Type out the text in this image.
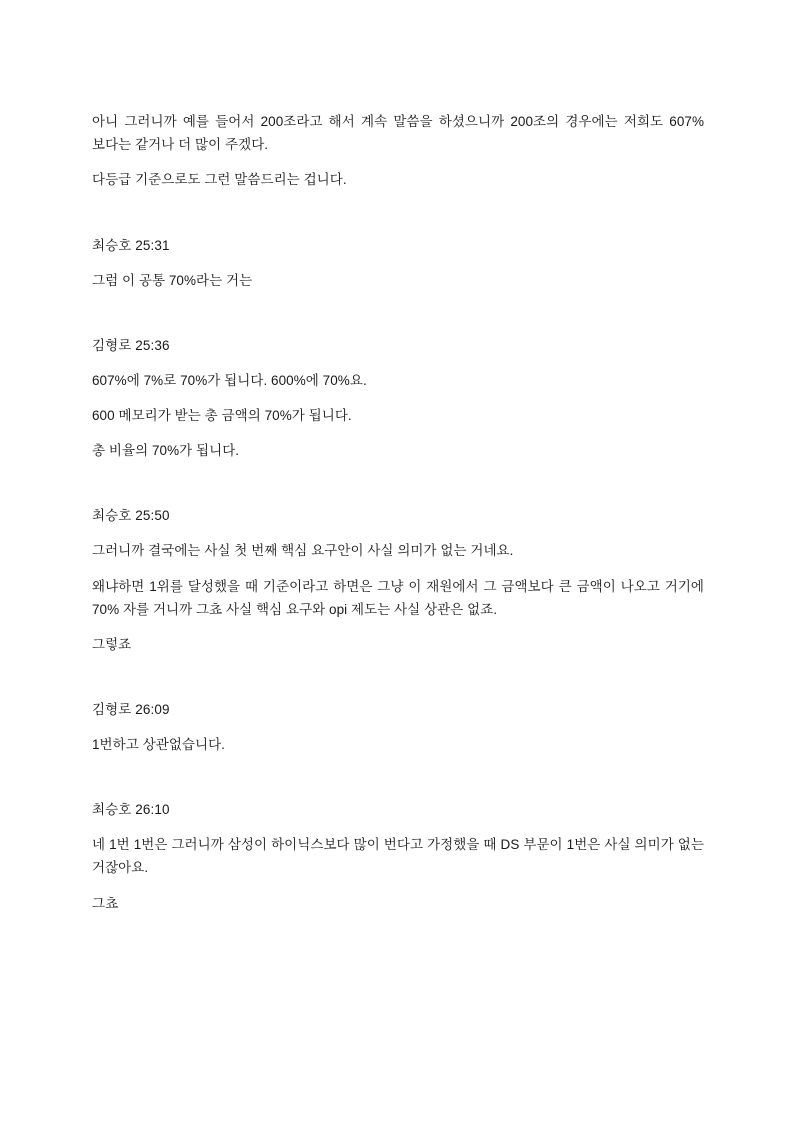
아니 그러니까 예를 들어서 200조라고 해서 계속 말씀을 하셨으니까 200조의 경우에는 저희도 607%보다는 같거나 더 많이 주겠다.

다등급 기준으로도 그런 말씀드리는 겁니다.

최승호 25:31

그럼 이 공통 70%라는 거는

김형로 25:36

607%에 7%로 70%가 됩니다. 600%에 70%요.

600 메모리가 받는 총 금액의 70%가 됩니다.

총 비율의 70%가 됩니다.

최승호 25:50

그러니까 결국에는 사실 첫 번째 핵심 요구안이 사실 의미가 없는 거네요.

왜냐하면 1위를 달성했을 때 기준이라고 하면은 그냥 이 재원에서 그 금액보다 큰 금액이 나오고 거기에 70% 자를 거니까 그쵸 사실 핵심 요구와 opi 제도는 사실 상관은 없죠.

그렇죠

김형로 26:09

1번하고 상관없습니다.

최승호 26:10

네 1번 1번은 그러니까 삼성이 하이닉스보다 많이 번다고 가정했을 때 DS 부문이 1번은 사실 의미가 없는 거잖아요.

그쵸
